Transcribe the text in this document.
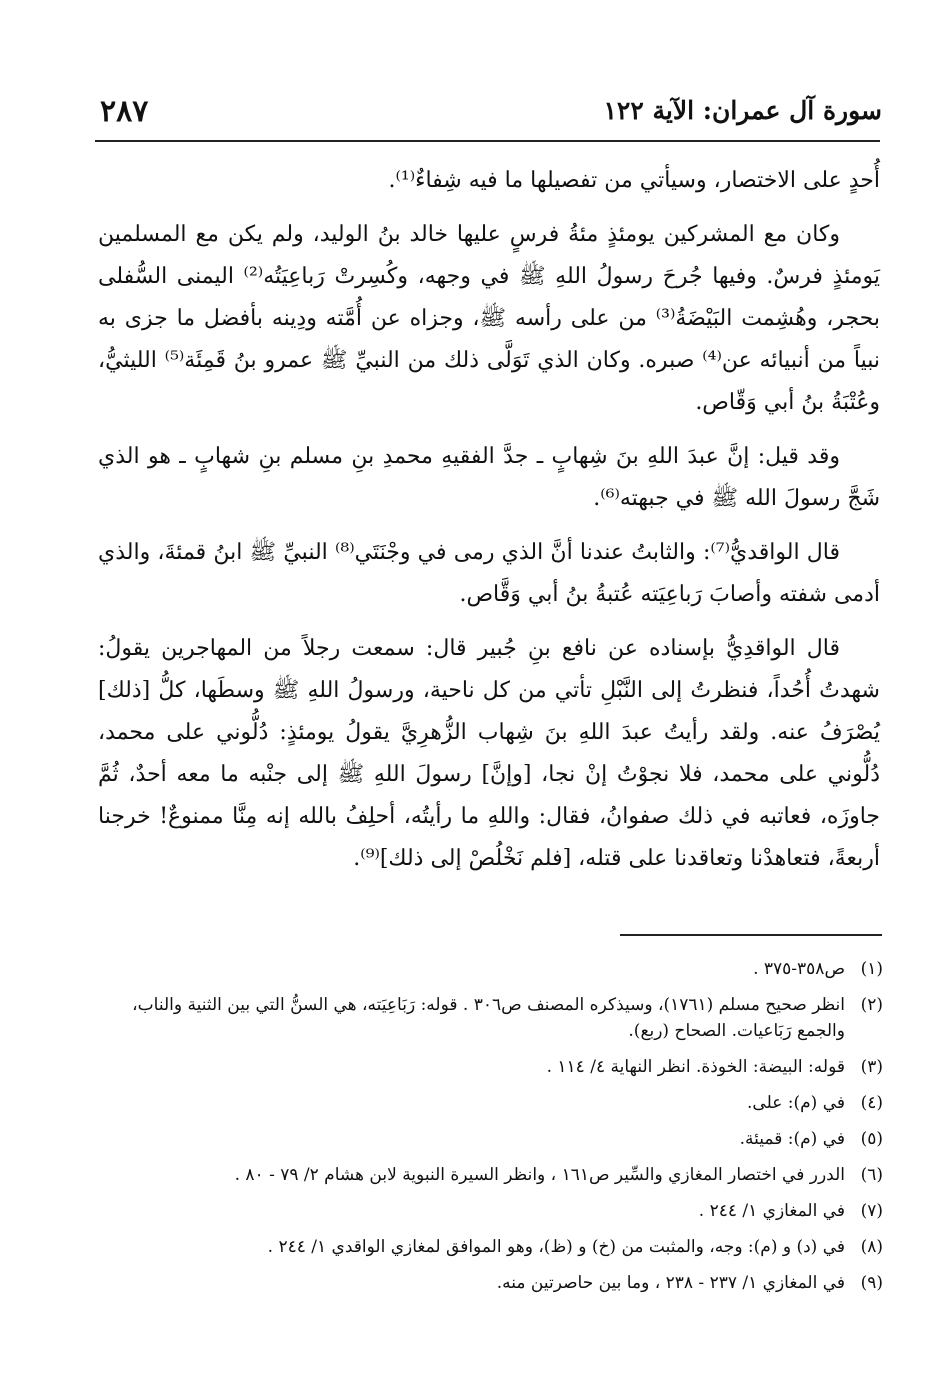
٢٨٧	سورة آل عمران: الآية ١٢٢

أُحدٍ على الاختصار، وسيأتي من تفصيلها ما فيه شِفاءٌ⁽¹⁾.

وكان مع المشركين يومئذٍ مئةُ فرسٍ عليها خالد بنُ الوليد، ولم يكن مع المسلمين يَومئذٍ فرسٌ. وفيها جُرحَ رسولُ اللهِ ﷺ في وجهه، وكُسِرتْ رَباعِيَتُه⁽²⁾ اليمنى السُّفلى بحجر، وهُشِمت البَيْضَةُ⁽³⁾ من على رأسه ﷺ، وجزاه عن أُمَّته ودِينه بأفضل ما جزى به نبياً من أنبيائه عن⁽⁴⁾ صبره. وكان الذي تَوَلَّى ذلك من النبيِّ ﷺ عمرو بنُ قَمِئَة⁽⁵⁾ الليثيُّ، وعُتْبَةُ بنُ أبي وَقّاص.

وقد قيل: إنَّ عبدَ اللهِ بنَ شِهابٍ ـ جدَّ الفقيهِ محمدِ بنِ مسلم بنِ شهابٍ ـ هو الذي شَجَّ رسولَ الله ﷺ في جبهته⁽⁶⁾.

قال الواقديُّ⁽⁷⁾: والثابتُ عندنا أنَّ الذي رمى في وجْنَتَي⁽⁸⁾ النبيِّ ﷺ ابنُ قمئةَ، والذي أدمى شفته وأصابَ رَباعِيَته عُتبةُ بنُ أبي وَقَّاص.

قال الواقدِيُّ بإسناده عن نافع بنِ جُبير قال: سمعت رجلاً من المهاجرين يقولُ: شهدتُ أُحُداً، فنظرتُ إلى النَّبْلِ تأتي من كل ناحية، ورسولُ اللهِ ﷺ وسطَها، كلُّ [ذلك] يُصْرَفُ عنه. ولقد رأيتُ عبدَ اللهِ بنَ شِهاب الزُّهرِيَّ يقولُ يومئذٍ: دُلُّوني على محمد، دُلُّوني على محمد، فلا نجوْتُ إنْ نجا، [وإنَّ] رسولَ اللهِ ﷺ إلى جنْبه ما معه أحدٌ، ثُمَّ جاوزَه، فعاتبه في ذلك صفوانُ، فقال: واللهِ ما رأيتُه، أحلِفُ بالله إنه مِنَّا ممنوعٌ! خرجنا أربعةً، فتعاهدْنا وتعاقدنا على قتله، [فلم نَخْلُصْ إلى ذلك]⁽⁹⁾.

(١)
ص٣٥٨-٣٧٥ .
(٢)
انظر صحيح مسلم (١٧٦١)، وسيذكره المصنف ص٣٠٦ . قوله: رَبَاعِيَته، هي السنُّ التي بين الثنية والناب، والجمع رَبَاعيات. الصحاح (ربع).
(٣)
قوله: البيضة: الخوذة. انظر النهاية ٤/ ١١٤ .
(٤)
في (م): على.
(٥)
في (م): قميئة.
(٦)
الدرر في اختصار المغازي والسِّير ص١٦١ ، وانظر السيرة النبوية لابن هشام ٢/ ٧٩ - ٨٠ .
(٧)
في المغازي ١/ ٢٤٤ .
(٨)
في (د) و (م): وجه، والمثبت من (خ) و (ظ)، وهو الموافق لمغازي الواقدي ١/ ٢٤٤ .
(٩)
في المغازي ١/ ٢٣٧ - ٢٣٨ ، وما بين حاصرتين منه.
